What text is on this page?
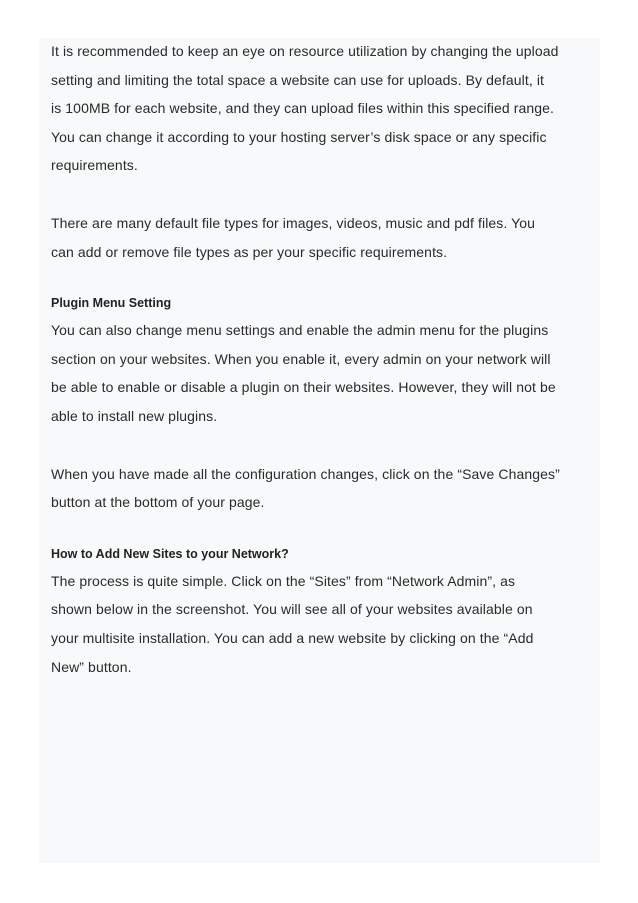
It is recommended to keep an eye on resource utilization by changing the upload
setting and limiting the total space a website can use for uploads. By default, it
is 100MB for each website, and they can upload files within this specified range.
You can change it according to your hosting server’s disk space or any specific
requirements.

There are many default file types for images, videos, music and pdf files. You
can add or remove file types as per your specific requirements.

Plugin Menu Setting

You can also change menu settings and enable the admin menu for the plugins
section on your websites. When you enable it, every admin on your network will
be able to enable or disable a plugin on their websites. However, they will not be
able to install new plugins.

When you have made all the configuration changes, click on the “Save Changes”
button at the bottom of your page.

How to Add New Sites to your Network?

The process is quite simple. Click on the “Sites” from “Network Admin”, as
shown below in the screenshot. You will see all of your websites available on
your multisite installation. You can add a new website by clicking on the “Add
New” button.
